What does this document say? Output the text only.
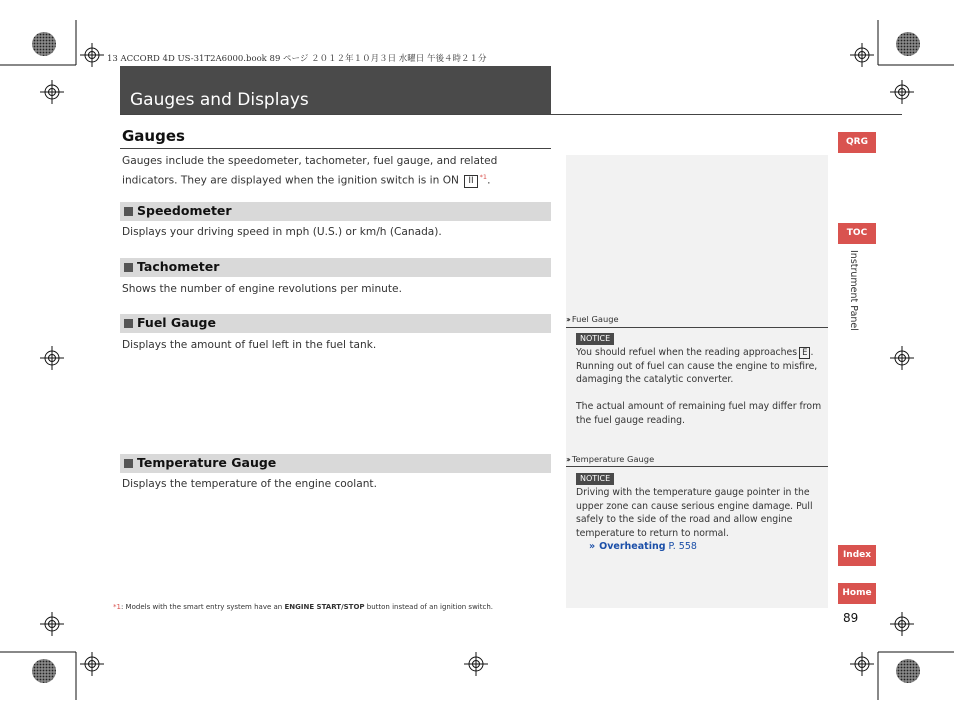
13 ACCORD 4D US-31T2A6000.book 89 ページ ２０１２年１０月３日 水曜日 午後４時２１分
Gauges and Displays
Gauges
Gauges include the speedometer, tachometer, fuel gauge, and related indicators. They are displayed when the ignition switch is in ON II $^{*1}$.
Speedometer
Displays your driving speed in mph (U.S.) or km/h (Canada).
Tachometer
Shows the number of engine revolutions per minute.
Fuel Gauge
Displays the amount of fuel left in the fuel tank.
Temperature Gauge
Displays the temperature of the engine coolant.
›› Fuel Gauge
NOTICE
You should refuel when the reading approaches E . Running out of fuel can cause the engine to misfire, damaging the catalytic converter.
The actual amount of remaining fuel may differ from the fuel gauge reading.
›› Temperature Gauge
NOTICE
Driving with the temperature gauge pointer in the upper zone can cause serious engine damage. Pull safely to the side of the road and allow engine temperature to return to normal.
» Overheating P. 558
*1: Models with the smart entry system have an ENGINE START/STOP button instead of an ignition switch.
QRG
TOC
Instrument Panel
Index
Home
89
